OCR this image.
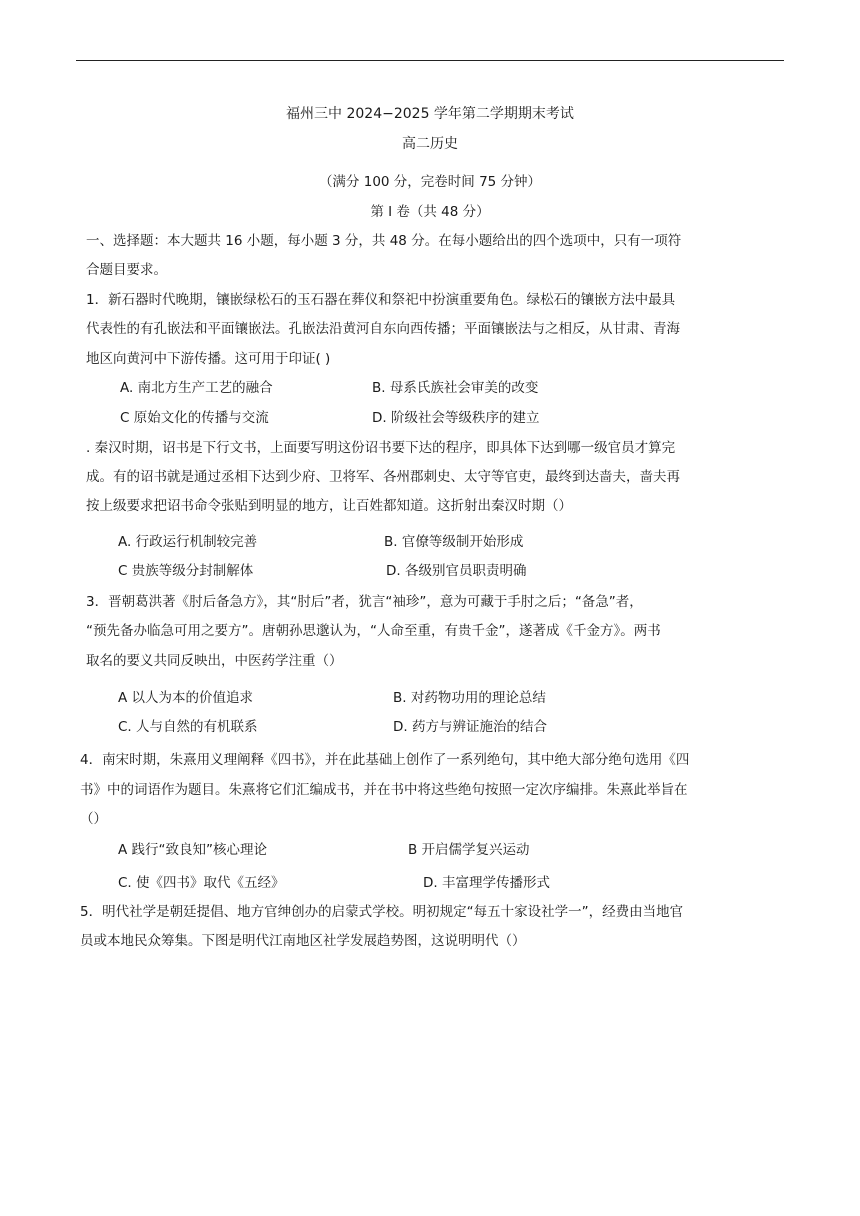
福州三中 2024−2025 学年第二学期期末考试
高二历史
（满分 100 分，完卷时间 75 分钟）
第 I 卷（共 48 分）
一、选择题：本大题共 16 小题，每小题 3 分，共 48 分。在每小题给出的四个选项中，只有一项符
合题目要求。
1．新石器时代晚期，镶嵌绿松石的玉石器在葬仪和祭祀中扮演重要角色。绿松石的镶嵌方法中最具
代表性的有孔嵌法和平面镶嵌法。孔嵌法沿黄河自东向西传播；平面镶嵌法与之相反，从甘肃、青海
地区向黄河中下游传播。这可用于印证( )
A. 南北方生产工艺的融合	B. 母系氏族社会审美的改变
C 原始文化的传播与交流	D. 阶级社会等级秩序的建立
. 秦汉时期，诏书是下行文书，上面要写明这份诏书要下达的程序，即具体下达到哪一级官员才算完
成。有的诏书就是通过丞相下达到少府、卫将军、各州郡刺史、太守等官吏，最终到达啬夫，啬夫再
按上级要求把诏书命令张贴到明显的地方，让百姓都知道。这折射出秦汉时期（）
A. 行政运行机制较完善	B. 官僚等级制开始形成
C 贵族等级分封制解体	D. 各级别官员职责明确
3．晋朝葛洪著《肘后备急方》，其“肘后”者，犹言“袖珍”，意为可藏于手肘之后；“备急”者，
“预先备办临急可用之要方”。唐朝孙思邈认为，“人命至重，有贵千金”，遂著成《千金方》。两书
取名的要义共同反映出，中医药学注重（）
A 以人为本的价值追求	B. 对药物功用的理论总结
C. 人与自然的有机联系	D. 药方与辨证施治的结合
4．南宋时期，朱熹用义理阐释《四书》，并在此基础上创作了一系列绝句，其中绝大部分绝句选用《四
书》中的词语作为题目。朱熹将它们汇编成书，并在书中将这些绝句按照一定次序编排。朱熹此举旨在
（）
A 践行“致良知”核心理论	B 开启儒学复兴运动
C. 使《四书》取代《五经》	D. 丰富理学传播形式
5．明代社学是朝廷提倡、地方官绅创办的启蒙式学校。明初规定“每五十家设社学一”，经费由当地官
员或本地民众筹集。下图是明代江南地区社学发展趋势图，这说明明代（）
